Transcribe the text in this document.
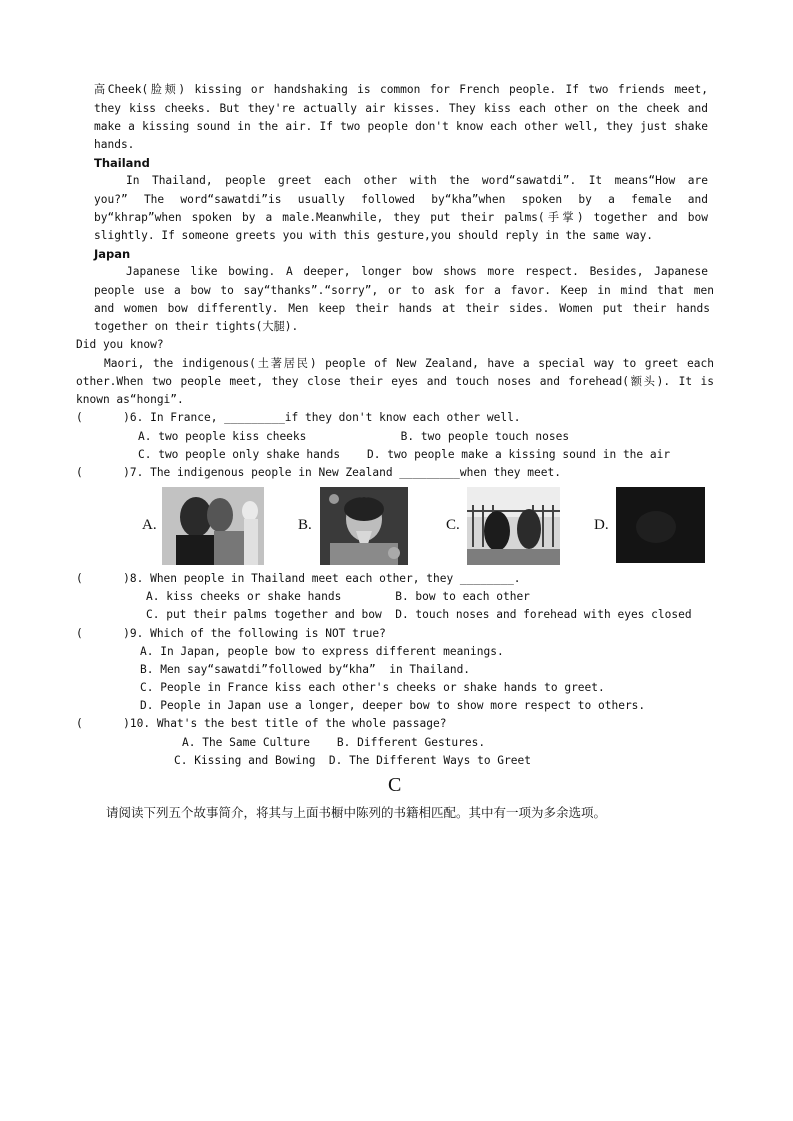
高Cheek(脸颊) kissing or handshaking is common for French people. If two friends meet,
they kiss cheeks. But they're actually air kisses. They kiss each other on the cheek and
make a kissing sound in the air. If two people don't know each other well, they just shake
hands.
Thailand
In Thailand, people greet each other with the word“sawatdi”. It means“How are
you?” The word“sawatdi”is usually followed by“kha”when spoken by a female and
by“khrap”when spoken by a male.Meanwhile, they put their palms(手掌) together and bow
slightly. If someone greets you with this gesture,you should reply in the same way.
Japan
Japanese like bowing. A deeper, longer bow shows more respect. Besides, Japanese
people use a bow to say“thanks”.“sorry”, or to ask for a favor. Keep in mind that men
and women bow differently. Men keep their hands at their sides. Women put their hands
together on their tights(大腿).
Did you know?
Maori, the indigenous(土著居民) people of New Zealand, have a special way to greet each
other.When two people meet, they close their eyes and touch noses and forehead(额头). It is
known as“hongi”.
(      )6. In France, _________if they don't know each other well.
A. two people kiss cheeks              B. two people touch noses
C. two people only shake hands    D. two people make a kissing sound in the air
(      )7. The indigenous people in New Zealand _________when they meet.
A.	B.	C.	D.
(      )8. When people in Thailand meet each other, they ________.
A. kiss cheeks or shake hands        B. bow to each other
C. put their palms together and bow  D. touch noses and forehead with eyes closed
(      )9. Which of the following is NOT true?
A. In Japan, people bow to express different meanings.
B. Men say“sawatdi”followed by“kha”  in Thailand.
C. People in France kiss each other's cheeks or shake hands to greet.
D. People in Japan use a longer, deeper bow to show more respect to others.
(      )10. What's the best title of the whole passage?
A. The Same Culture    B. Different Gestures.
C. Kissing and Bowing  D. The Different Ways to Greet
C
请阅读下列五个故事简介，将其与上面书橱中陈列的书籍相匹配。其中有一项为多余选项。
